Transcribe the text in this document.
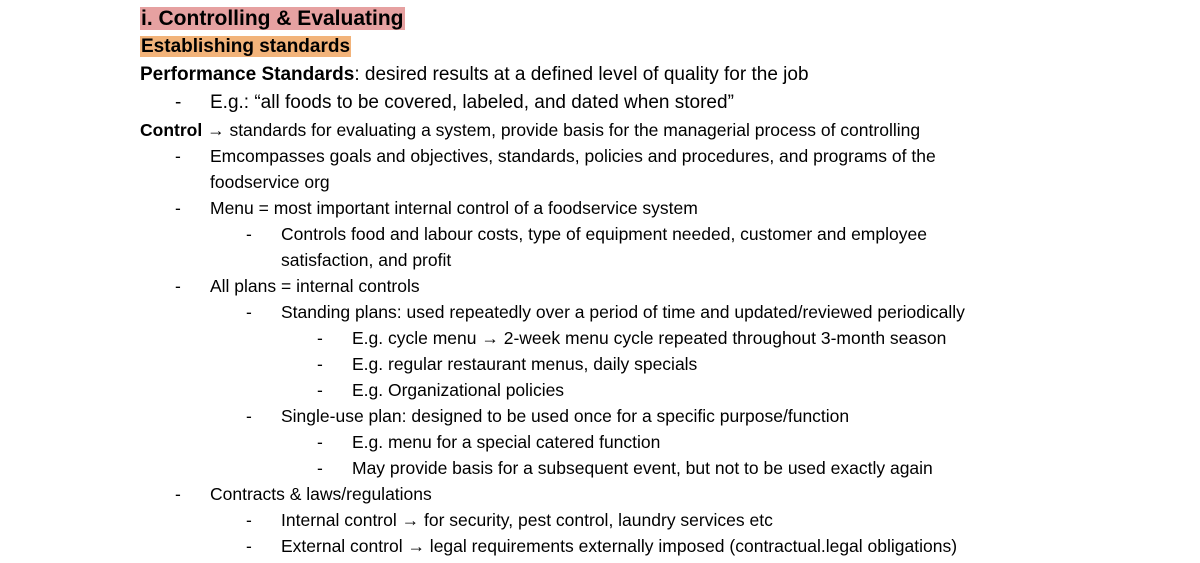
i. Controlling & Evaluating
Establishing standards
Performance Standards: desired results at a defined level of quality for the job
- E.g.: “all foods to be covered, labeled, and dated when stored”
Control → standards for evaluating a system, provide basis for the managerial process of controlling
- Emcompasses goals and objectives, standards, policies and procedures, and programs of the
foodservice org
- Menu = most important internal control of a foodservice system
- Controls food and labour costs, type of equipment needed, customer and employee
satisfaction, and profit
- All plans = internal controls
- Standing plans: used repeatedly over a period of time and updated/reviewed periodically
- E.g. cycle menu → 2-week menu cycle repeated throughout 3-month season
- E.g. regular restaurant menus, daily specials
- E.g. Organizational policies
- Single-use plan: designed to be used once for a specific purpose/function
- E.g. menu for a special catered function
- May provide basis for a subsequent event, but not to be used exactly again
- Contracts & laws/regulations
- Internal control → for security, pest control, laundry services etc
- External control → legal requirements externally imposed (contractual.legal obligations)
